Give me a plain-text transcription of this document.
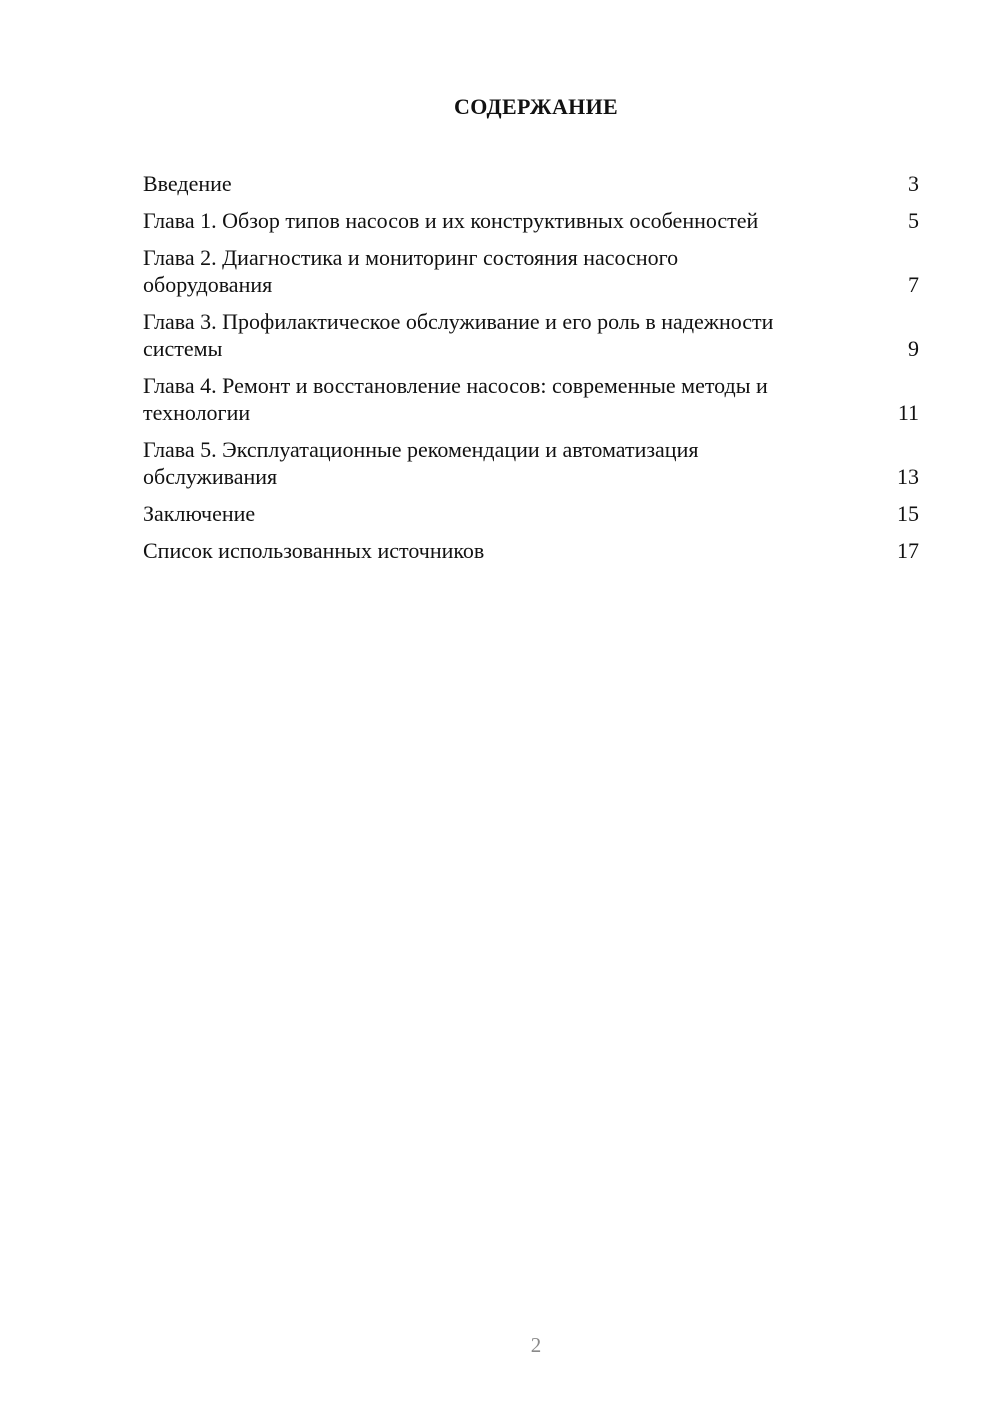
СОДЕРЖАНИЕ
Введение	3
Глава 1. Обзор типов насосов и их конструктивных особенностей	5
Глава 2. Диагностика и мониторинг состояния насосного оборудования	7
Глава 3. Профилактическое обслуживание и его роль в надежности системы	9
Глава 4. Ремонт и восстановление насосов: современные методы и технологии	11
Глава 5. Эксплуатационные рекомендации и автоматизация обслуживания	13
Заключение	15
Список использованных источников	17
2
